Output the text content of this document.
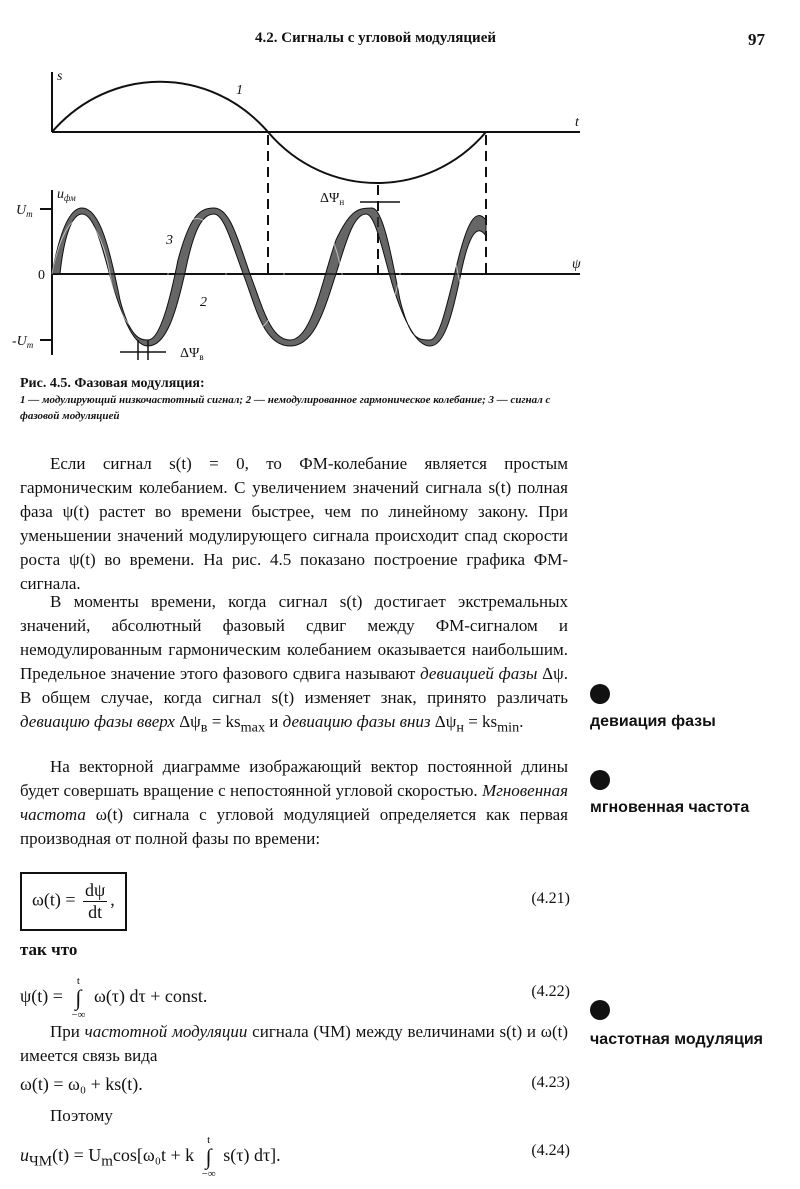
4.2. Сигналы с угловой модуляцией	97
s
t
1
$u_{фм}$
$U_m$
0
$-U_m$
ψ
3
2
$\Delta\Psi_н$
$\Delta\Psi_в$
Рис. 4.5. Фазовая модуляция:
1 — модулирующий низкочастотный сигнал; 2 — немодулированное гармоническое колебание; 3 — сигнал с фазовой модуляцией

Если сигнал s(t) = 0, то ФМ-колебание является простым гармоническим колебанием. С увеличением значений сигнала s(t) полная фаза ψ(t) растет во времени быстрее, чем по линейному закону. При уменьшении значений модулирующего сигнала происходит спад скорости роста ψ(t) во времени. На рис. 4.5 показано построение графика ФМ-сигнала.

В моменты времени, когда сигнал s(t) достигает экстремальных значений, абсолютный фазовый сдвиг между ФМ-сигналом и немодулированным гармоническим колебанием оказывается наибольшим. Предельное значение этого фазового сдвига называют девиацией фазы Δψ. В общем случае, когда сигнал s(t) изменяет знак, принято различать девиацию фазы вверх $\Delta\psi_в = ks_{max}$ и девиацию фазы вниз $\Delta\psi_н = ks_{min}$.

На векторной диаграмме изображающий вектор постоянной длины будет совершать вращение с непостоянной угловой скоростью. Мгновенная частота ω(t) сигнала с угловой модуляцией определяется как первая производная от полной фазы по времени:

$\omega(t) = \frac{d\psi}{dt}$ ,	(4.21)
так что
ψ(t) =
t
∫
−∞
ω(τ) dτ + const.	(4.22)

При частотной модуляции сигнала (ЧМ) между величинами s(t) и ω(t) имеется связь вида

ω(t) = ω₀ + ks(t).	(4.23)
Поэтому
$u_{ЧМ}(t) = U_m\cos[\omega_0t + k$
t
∫
−∞
s(τ) dτ].	(4.24)
девиация фазы
мгновенная частота
частотная модуляция
